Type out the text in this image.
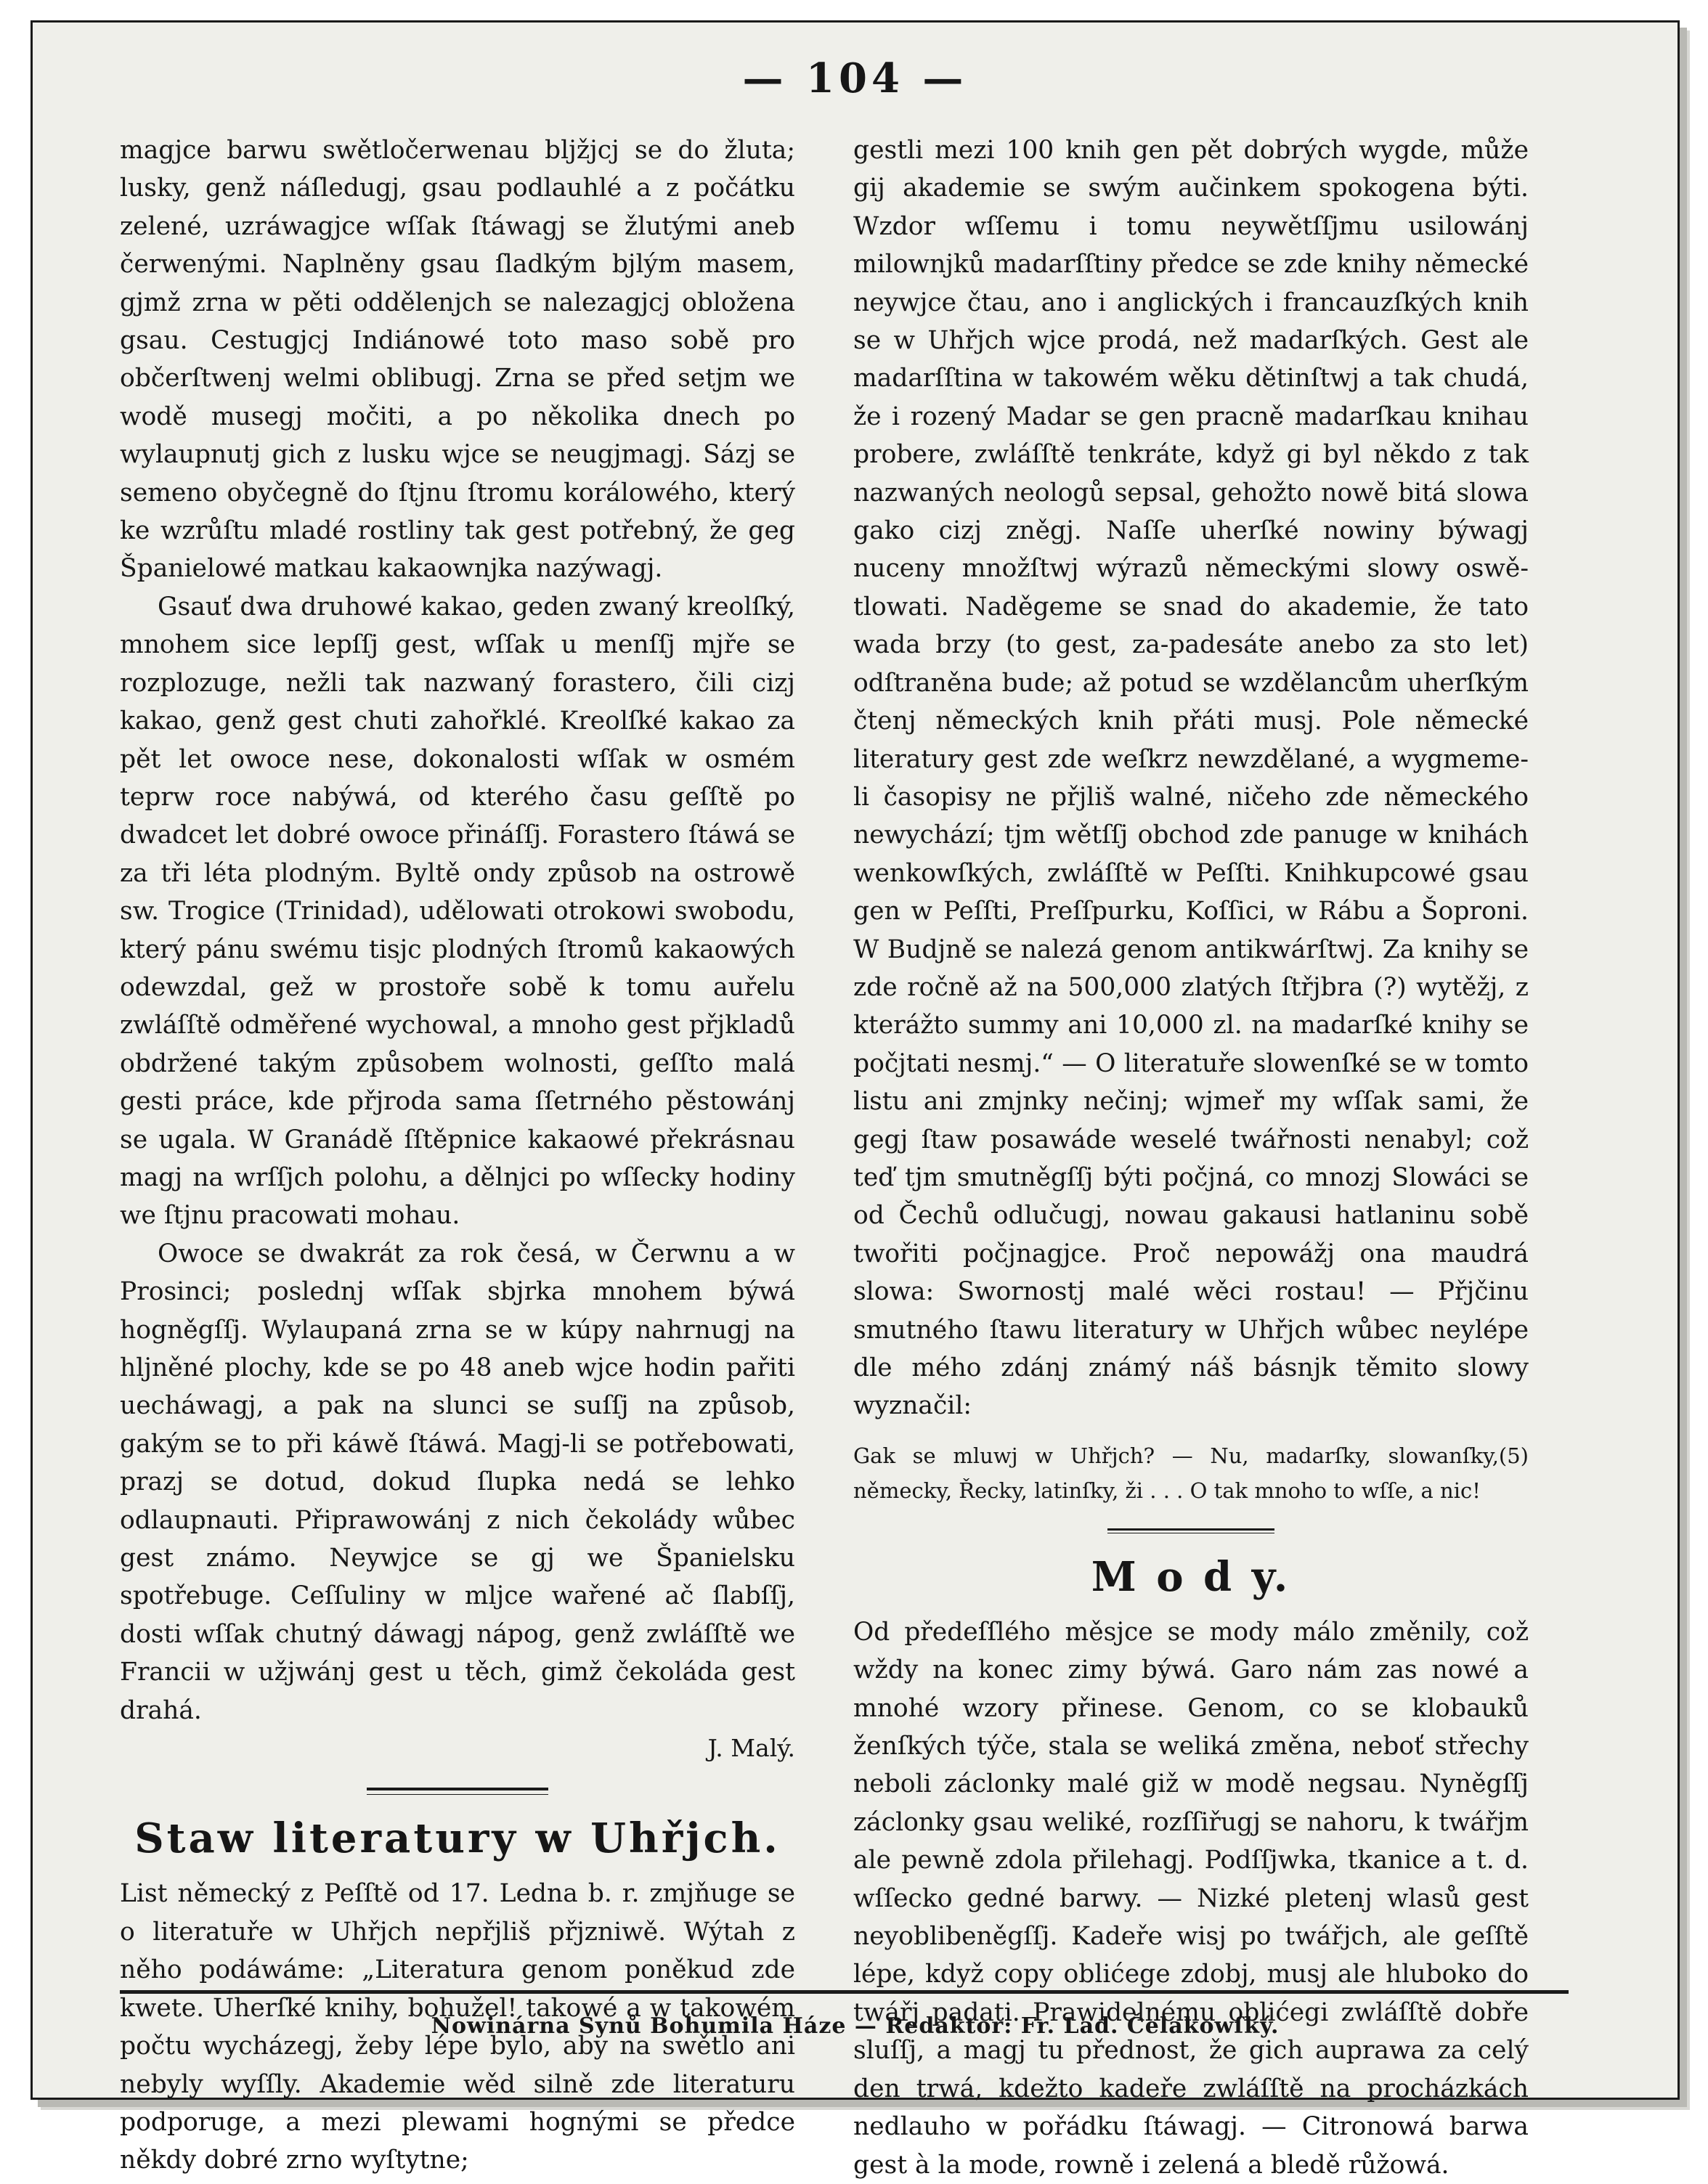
— 104 —

magjce barwu swětločerwenau bljžjcj se do žluta; lusky, genž náſledugj, gsau podlauhlé a z počátku zelené, uzráwagjce wſſak ſtáwagj se žlutými aneb čerwenými. Naplněny gsau ſladkým bjlým masem, gjmž zrna w pěti oddělenjch se nalezagjcj obložena gsau. Cestugjcj Indiánowé toto maso sobě pro občerſtwenj welmi oblibugj. Zrna se před setjm we wodě musegj močiti, a po několika dnech po wylaupnutj gich z lusku wjce se neugjmagj. Sázj se semeno obyčegně do ſtjnu ſtromu korálowého, který ke wzrůſtu mladé rostliny tak gest potřebný, že geg Španielowé matkau kakaownjka nazýwagj.

Gsauť dwa druhowé kakao, geden zwaný kreolſký, mnohem sice lepſſj gest, wſſak u menſſj mjře se rozplozuge, nežli tak nazwaný forastero, čili cizj kakao, genž gest chuti zahořklé. Kreolſké kakao za pět let owoce nese, dokonalosti wſſak w osmém teprw roce nabýwá, od kterého času geſſtě po dwadcet let dobré owoce přináſſj. Forastero ſtáwá se za tři léta plodným. Byltě ondy způsob na ostrowě sw. Trogice (Trinidad), udělowati otrokowi swobodu, který pánu swému tisjc plodných ſtromů kakaowých odewzdal, gež w prostoře sobě k tomu auřelu zwláſſtě odměřené wychowal, a mnoho gest přjkladů obdržené takým způsobem wolnosti, geſſto malá gesti práce, kde přjroda sama ſſetrného pěstowánj se ugala. W Granádě ſſtěpnice kakaowé překrásnau magj na wrſſjch polohu, a dělnjci po wſſecky hodiny we ſtjnu pracowati mohau.

Owoce se dwakrát za rok česá, w Čerwnu a w Prosinci; poslednj wſſak sbjrka mnohem býwá hogněgſſj. Wylaupaná zrna se w kúpy nahrnugj na hljněné plochy, kde se po 48 aneb wjce hodin pařiti uecháwagj, a pak na slunci se suſſj na způsob, gakým se to při káwě ſtáwá. Magj-li se potřebowati, prazj se dotud, dokud ſlupka nedá se lehko odlaupnauti. Připrawowánj z nich čekolády wůbec gest známo. Neywjce se gj we Španielsku spotřebuge. Ceſſuliny w mljce wařené ač ſlabſſj, dosti wſſak chutný dáwagj nápog, genž zwláſſtě we Francii w užjwánj gest u těch, gimž čekoláda gest drahá.

J. Malý.

Staw literatury w Uhřjch.

List německý z Peſſtě od 17. Ledna b. r. zmjňuge se o literatuře w Uhřjch nepřjliš přjzniwě. Wýtah z něho podáwáme: „Literatura genom poněkud zde kwete. Uherſké knihy, bohužel! takowé a w takowém počtu wycházegj, žeby lépe bylo, aby na swětlo ani nebyly wyſſly. Akademie wěd silně zde literaturu podporuge, a mezi plewami hognými se předce někdy dobré zrno wyſtytne;

gestli mezi 100 knih gen pět dobrých wygde, může gij akademie se swým aučinkem spokogena býti. Wzdor wſſemu i tomu neywětſſjmu usilowánj milownjků madarſſtiny předce se zde knihy německé neywjce čtau, ano i anglických i francauzſkých knih se w Uhřjch wjce prodá, než madarſkých. Gest ale madarſſtina w takowém wěku dětinſtwj a tak chudá, že i rozený Madar se gen pracně madarſkau knihau probere, zwláſſtě tenkráte, když gi byl někdo z tak nazwaných neologů sepsal, gehožto nowě bitá slowa gako cizj zněgj. Naſſe uherſké nowiny býwagj nuceny množſtwj wýrazů německými slowy oswětlowati. Naděgeme se snad do akademie, že tato wada brzy (to gest, za-padesáte anebo za sto let) odſtraněna bude; až potud se wzdělancům uherſkým čtenj německých knih přáti musj. Pole německé literatury gest zde weſkrz newzdělané, a wygmeme-li časopisy ne přjliš walné, ničeho zde německého newychází; tjm wětſſj obchod zde panuge w knihách wenkowſkých, zwláſſtě w Peſſti. Knihkupcowé gsau gen w Peſſti, Preſſpurku, Koſſici, w Rábu a Šoproni. W Budjně se nalezá genom antikwárſtwj. Za knihy se zde ročně až na 500,000 zlatých ſtřjbra (?) wytěžj, z kterážto summy ani 10,000 zl. na madarſké knihy se počjtati nesmj.“ — O literatuře slowenſké se w tomto listu ani zmjnky nečinj; wjmeř my wſſak sami, že gegj ſtaw posawáde weselé twářnosti nenabyl; což teď tjm smutněgſſj býti počjná, co mnozj Slowáci se od Čechů odlučugj, nowau gakausi hatlaninu sobě twořiti počjnagjce. Proč nepowážj ona maudrá slowa: Swornostj malé wěci rostau! — Přjčinu smutného ſtawu literatury w Uhřjch wůbec neylépe dle mého zdánj známý náš básnjk těmito slowy wyznačil:

(5)
Gak se mluwj w Uhřjch? — Nu, madarſky, slowanſky, německy, Řecky, latinſky, ži . . . O tak mnoho to wſſe, a nic!
M o d y.

Od předeſſlého měsjce se mody málo změnily, což wždy na konec zimy býwá. Garo nám zas nowé a mnohé wzory přinese. Genom, co se klobauků ženſkých týče, stala se weliká změna, neboť střechy neboli záclonky malé giž w modě negsau. Nyněgſſj záclonky gsau weliké, rozſſiřugj se nahoru, k twářjm ale pewně zdola přilehagj. Podſſjwka, tkanice a t. d. wſſecko gedné barwy. — Nizké pletenj wlasů gest neyoblibeněgſſj. Kadeře wisj po twářjch, ale geſſtě lépe, když copy oblićege zdobj, musj ale hluboko do twářj padati. Prawidelnému oblićegi zwláſſtě dobře sluſſj, a magj tu přednost, že gich auprawa za celý den trwá, kdežto kadeře zwláſſtě na procházkách nedlauho w pořádku ſtáwagj. — Citronowá barwa gest à la mode, rowně i zelená a bledě růžowá.

Nowinárna Synů Bohumila Háze — Redaktor: Fr. Lad. Čelakowſký.
